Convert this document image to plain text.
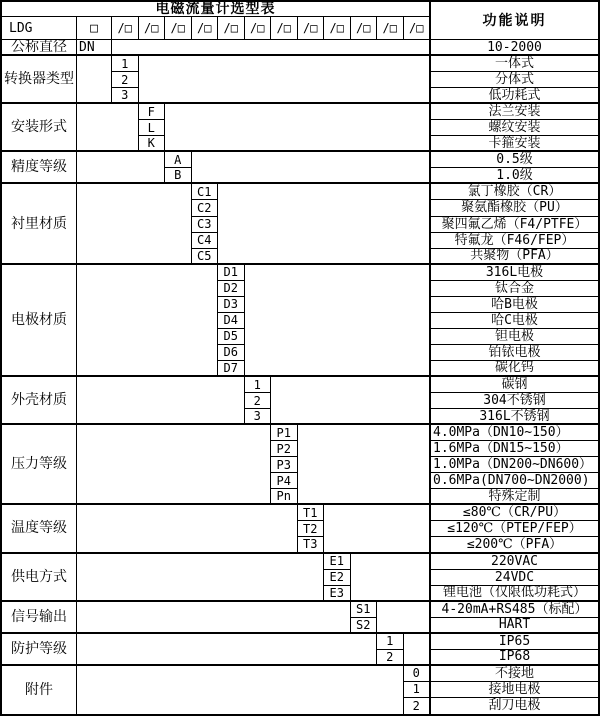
电磁流量计选型表
功能说明
LDG	□
公称直径 DN	10-2000
/□	/□	/□	/□	/□	/□	/□	/□	/□	/□	/□	/□
转换器类型
1	一体式
2	分体式
3	低功耗式
安装形式
F	法兰安装
L	螺纹安装
K	卡箍安装
精度等级	A	0.5级
B	1.0级
衬里材质
C1	氯丁橡胶（CR）
C2	聚氨酯橡胶（PU）
C3	聚四氟乙烯（F4/PTFE）
C4	特氟龙（F46/FEP）
C5	共聚物（PFA）
电极材质
D1	316L电极
D2	钛合金
D3	哈B电极
D4	哈C电极
D5	钽电极
D6	铂铱电极
D7	碳化钨
外壳材质
1	碳钢
2	304不锈钢
3	316L不锈钢
压力等级
P1	4.0MPa（DN10~150）
P2	1.6MPa（DN15~150）
P3	1.0MPa（DN200~DN600）
P4	0.6MPa(DN700~DN2000)
Pn	特殊定制
温度等级
T1	≤80℃（CR/PU）
T2	≤120℃（PTEP/FEP）
T3	≤200℃（PFA）
供电方式
E1	220VAC
E2	24VDC
E3	锂电池（仅限低功耗式）
信号输出	S1	4-20mA+RS485（标配）
S2	HART
防护等级	1	IP65
2	IP68
附件
0	不接地
1	接地电极
2	刮刀电极
